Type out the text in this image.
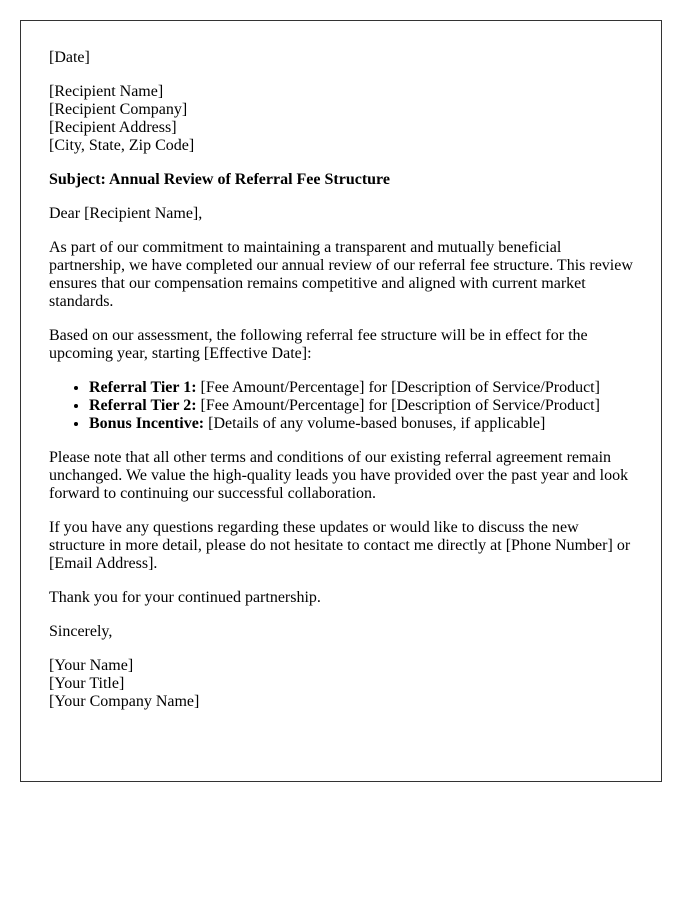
[Date]

[Recipient Name]
[Recipient Company]
[Recipient Address]
[City, State, Zip Code]

Subject: Annual Review of Referral Fee Structure

Dear [Recipient Name],

As part of our commitment to maintaining a transparent and mutually beneficial partnership, we have completed our annual review of our referral fee structure. This review ensures that our compensation remains competitive and aligned with current market standards.

Based on our assessment, the following referral fee structure will be in effect for the upcoming year, starting [Effective Date]:

• Referral Tier 1: [Fee Amount/Percentage] for [Description of Service/Product]
• Referral Tier 2: [Fee Amount/Percentage] for [Description of Service/Product]
• Bonus Incentive: [Details of any volume-based bonuses, if applicable]

Please note that all other terms and conditions of our existing referral agreement remain unchanged. We value the high-quality leads you have provided over the past year and look forward to continuing our successful collaboration.

If you have any questions regarding these updates or would like to discuss the new structure in more detail, please do not hesitate to contact me directly at [Phone Number] or [Email Address].

Thank you for your continued partnership.

Sincerely,

[Your Name]
[Your Title]
[Your Company Name]
